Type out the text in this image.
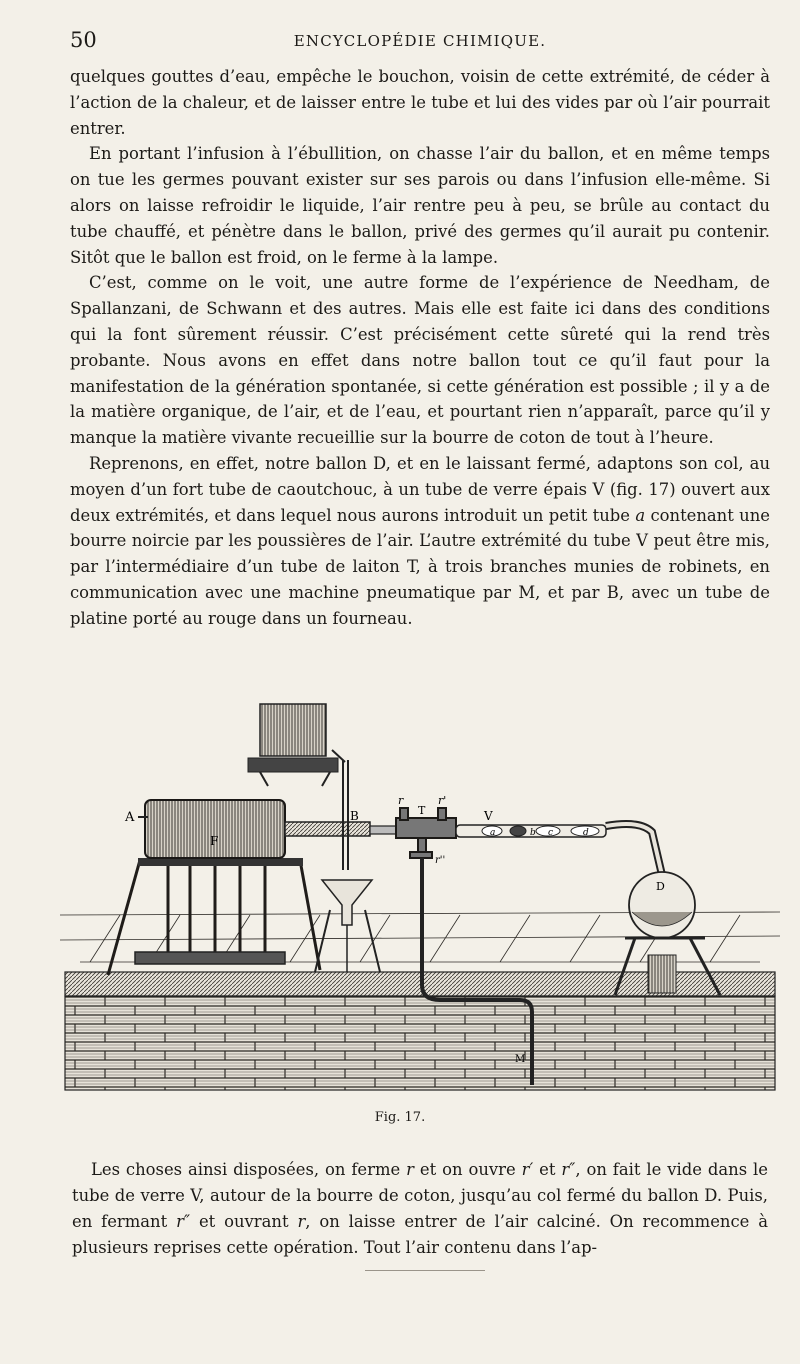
50	ENCYCLOPÉDIE CHIMIQUE.

quelques gouttes d’eau, empêche le bouchon, voisin de cette extrémité, de céder à l’action de la chaleur, et de laisser entre le tube et lui des vides par où l’air pourrait entrer.

En portant l’infusion à l’ébullition, on chasse l’air du ballon, et en même temps on tue les germes pouvant exister sur ses parois ou dans l’infusion elle-même. Si alors on laisse refroidir le liquide, l’air rentre peu à peu, se brûle au contact du tube chauffé, et pénètre dans le ballon, privé des germes qu’il aurait pu contenir. Sitôt que le ballon est froid, on le ferme à la lampe.

C’est, comme on le voit, une autre forme de l’expérience de Needham, de Spallanzani, de Schwann et des autres. Mais elle est faite ici dans des conditions qui la font sûrement réussir. C’est précisément cette sûreté qui la rend très probante. Nous avons en effet dans notre ballon tout ce qu’il faut pour la manifestation de la génération spontanée, si cette génération est possible ; il y a de la matière organique, de l’air, et de l’eau, et pourtant rien n’apparaît, parce qu’il y manque la matière vivante recueillie sur la bourre de coton de tout à l’heure.

Reprenons, en effet, notre ballon D, et en le laissant fermé, adaptons son col, au moyen d’un fort tube de caoutchouc, à un tube de verre épais V (fig. 17) ouvert aux deux extrémités, et dans lequel nous aurons introduit un petit tube a contenant une bourre noircie par les poussières de l’air. L’autre extrémité du tube V peut être mis, par l’intermédiaire d’un tube de laiton T, à trois branches munies de robinets, en communication avec une machine pneumatique par M, et par B, avec un tube de platine porté au rouge dans un fourneau.

F
A	B
r
T
r'
r''
M
V
a	b c	d
D
Fig. 17.

Les choses ainsi disposées, on ferme r et on ouvre r′ et r″, on fait le vide dans le tube de verre V, autour de la bourre de coton, jusqu’au col fermé du ballon D. Puis, en fermant r″ et ouvrant r, on laisse entrer de l’air calciné. On recommence à plusieurs reprises cette opération. Tout l’air contenu dans l’ap-
